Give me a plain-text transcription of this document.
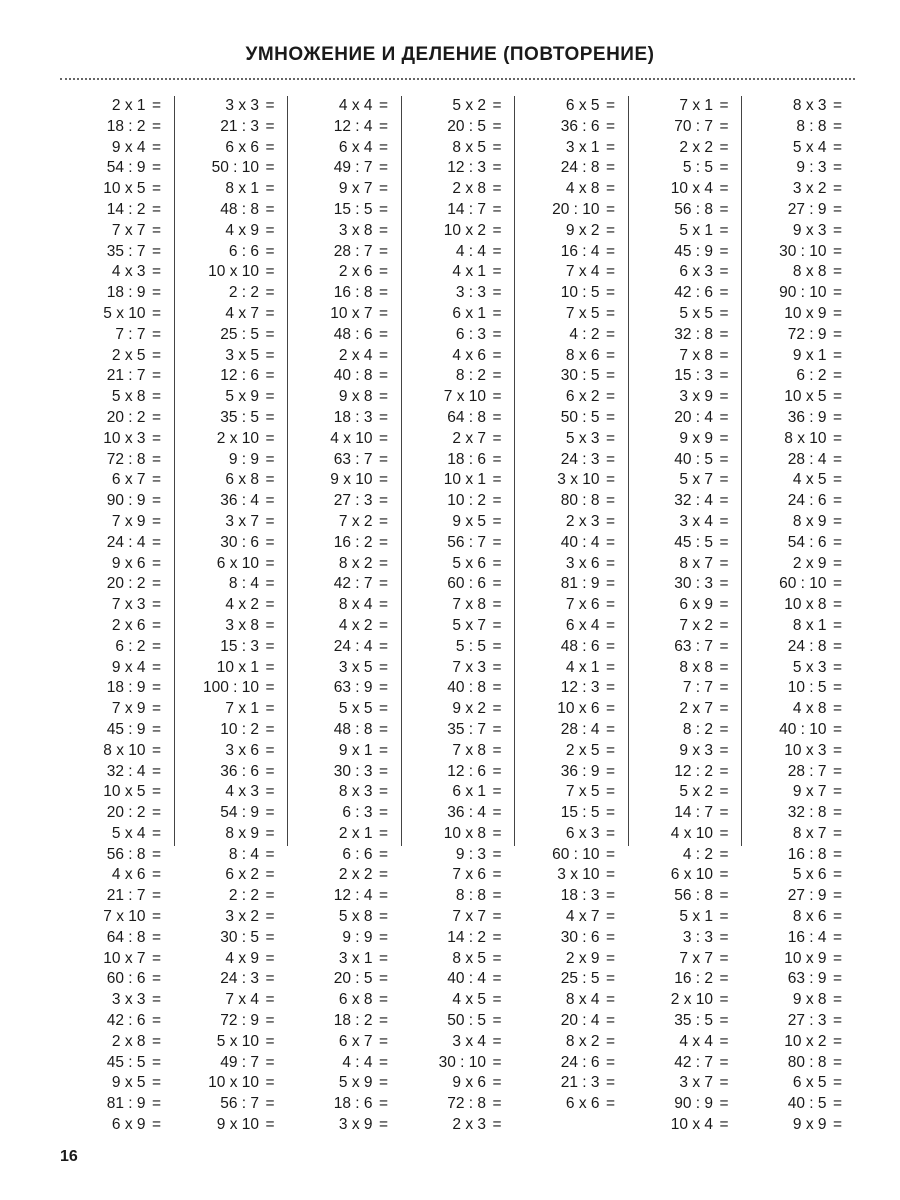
УМНОЖЕНИЕ И ДЕЛЕНИЕ (ПОВТОРЕНИЕ)
2 x 1 =
18 : 2 =
9 x 4 =
54 : 9 =
10 x 5 =
14 : 2 =
7 x 7 =
35 : 7 =
4 x 3 =
18 : 9 =
5 x 10 =
7 : 7 =
2 x 5 =
21 : 7 =
5 x 8 =
20 : 2 =
10 x 3 =
72 : 8 =
6 x 7 =
90 : 9 =
7 x 9 =
24 : 4 =
9 x 6 =
20 : 2 =
7 x 3 =
2 x 6 =
6 : 2 =
9 x 4 =
18 : 9 =
7 x 9 =
45 : 9 =
8 x 10 =
32 : 4 =
10 x 5 =
20 : 2 =
5 x 4 =
56 : 8 =
4 x 6 =
21 : 7 =
7 x 10 =
64 : 8 =
10 x 7 =
60 : 6 =
3 x 3 =
42 : 6 =
2 x 8 =
45 : 5 =
9 x 5 =
81 : 9 =
6 x 9 =
3 x 3 =
21 : 3 =
6 x 6 =
50 : 10 =
8 x 1 =
48 : 8 =
4 x 9 =
6 : 6 =
10 x 10 =
2 : 2 =
4 x 7 =
25 : 5 =
3 x 5 =
12 : 6 =
5 x 9 =
35 : 5 =
2 x 10 =
9 : 9 =
6 x 8 =
36 : 4 =
3 x 7 =
30 : 6 =
6 x 10 =
8 : 4 =
4 x 2 =
3 x 8 =
15 : 3 =
10 x 1 =
100 : 10 =
7 x 1 =
10 : 2 =
3 x 6 =
36 : 6 =
4 x 3 =
54 : 9 =
8 x 9 =
8 : 4 =
6 x 2 =
2 : 2 =
3 x 2 =
30 : 5 =
4 x 9 =
24 : 3 =
7 x 4 =
72 : 9 =
5 x 10 =
49 : 7 =
10 x 10 =
56 : 7 =
9 x 10 =
4 x 4 =
12 : 4 =
6 x 4 =
49 : 7 =
9 x 7 =
15 : 5 =
3 x 8 =
28 : 7 =
2 x 6 =
16 : 8 =
10 x 7 =
48 : 6 =
2 x 4 =
40 : 8 =
9 x 8 =
18 : 3 =
4 x 10 =
63 : 7 =
9 x 10 =
27 : 3 =
7 x 2 =
16 : 2 =
8 x 2 =
42 : 7 =
8 x 4 =
4 x 2 =
24 : 4 =
3 x 5 =
63 : 9 =
5 x 5 =
48 : 8 =
9 x 1 =
30 : 3 =
8 x 3 =
6 : 3 =
2 x 1 =
6 : 6 =
2 x 2 =
12 : 4 =
5 x 8 =
9 : 9 =
3 x 1 =
20 : 5 =
6 x 8 =
18 : 2 =
6 x 7 =
4 : 4 =
5 x 9 =
18 : 6 =
3 x 9 =
5 x 2 =
20 : 5 =
8 x 5 =
12 : 3 =
2 x 8 =
14 : 7 =
10 x 2 =
4 : 4 =
4 x 1 =
3 : 3 =
6 x 1 =
6 : 3 =
4 x 6 =
8 : 2 =
7 x 10 =
64 : 8 =
2 x 7 =
18 : 6 =
10 x 1 =
10 : 2 =
9 x 5 =
56 : 7 =
5 x 6 =
60 : 6 =
7 x 8 =
5 x 7 =
5 : 5 =
7 x 3 =
40 : 8 =
9 x 2 =
35 : 7 =
7 x 8 =
12 : 6 =
6 x 1 =
36 : 4 =
10 x 8 =
9 : 3 =
7 x 6 =
8 : 8 =
7 x 7 =
14 : 2 =
8 x 5 =
40 : 4 =
4 x 5 =
50 : 5 =
3 x 4 =
30 : 10 =
9 x 6 =
72 : 8 =
2 x 3 =
6 x 5 =
36 : 6 =
3 x 1 =
24 : 8 =
4 x 8 =
20 : 10 =
9 x 2 =
16 : 4 =
7 x 4 =
10 : 5 =
7 x 5 =
4 : 2 =
8 x 6 =
30 : 5 =
6 x 2 =
50 : 5 =
5 x 3 =
24 : 3 =
3 x 10 =
80 : 8 =
2 x 3 =
40 : 4 =
3 x 6 =
81 : 9 =
7 x 6 =
6 x 4 =
48 : 6 =
4 x 1 =
12 : 3 =
10 x 6 =
28 : 4 =
2 x 5 =
36 : 9 =
7 x 5 =
15 : 5 =
6 x 3 =
60 : 10 =
3 x 10 =
18 : 3 =
4 x 7 =
30 : 6 =
2 x 9 =
25 : 5 =
8 x 4 =
20 : 4 =
8 x 2 =
24 : 6 =
21 : 3 =
6 x 6 =
7 x 1 =
70 : 7 =
2 x 2 =
5 : 5 =
10 x 4 =
56 : 8 =
5 x 1 =
45 : 9 =
6 x 3 =
42 : 6 =
5 x 5 =
32 : 8 =
7 x 8 =
15 : 3 =
3 x 9 =
20 : 4 =
9 x 9 =
40 : 5 =
5 x 7 =
32 : 4 =
3 x 4 =
45 : 5 =
8 x 7 =
30 : 3 =
6 x 9 =
7 x 2 =
63 : 7 =
8 x 8 =
7 : 7 =
2 x 7 =
8 : 2 =
9 x 3 =
12 : 2 =
5 x 2 =
14 : 7 =
4 x 10 =
4 : 2 =
6 x 10 =
56 : 8 =
5 x 1 =
3 : 3 =
7 x 7 =
16 : 2 =
2 x 10 =
35 : 5 =
4 x 4 =
42 : 7 =
3 x 7 =
90 : 9 =
10 x 4 =
8 x 3 =
8 : 8 =
5 x 4 =
9 : 3 =
3 x 2 =
27 : 9 =
9 x 3 =
30 : 10 =
8 x 8 =
90 : 10 =
10 x 9 =
72 : 9 =
9 x 1 =
6 : 2 =
10 x 5 =
36 : 9 =
8 x 10 =
28 : 4 =
4 x 5 =
24 : 6 =
8 x 9 =
54 : 6 =
2 x 9 =
60 : 10 =
10 x 8 =
8 x 1 =
24 : 8 =
5 x 3 =
10 : 5 =
4 x 8 =
40 : 10 =
10 x 3 =
28 : 7 =
9 x 7 =
32 : 8 =
8 x 7 =
16 : 8 =
5 x 6 =
27 : 9 =
8 x 6 =
16 : 4 =
10 x 9 =
63 : 9 =
9 x 8 =
27 : 3 =
10 x 2 =
80 : 8 =
6 x 5 =
40 : 5 =
9 x 9 =
16
